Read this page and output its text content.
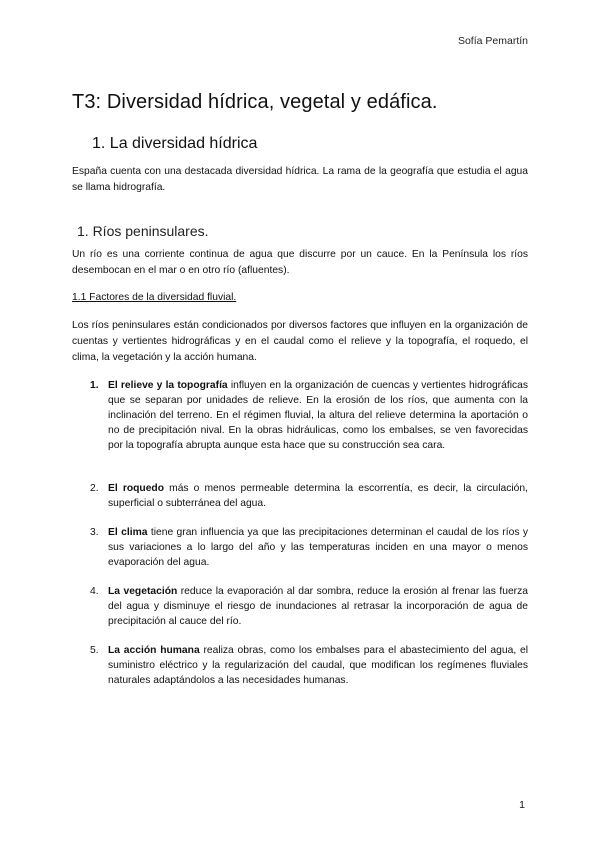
Sofía Pemartín
T3: Diversidad hídrica, vegetal y edáfica.
1. La diversidad hídrica

España cuenta con una destacada diversidad hídrica. La rama de la geografía que estudia el agua se llama hidrografía.

1. Ríos peninsulares.

Un río es una corriente continua de agua que discurre por un cauce. En la Península los ríos desembocan en el mar o en otro río (afluentes).

1.1 Factores de la diversidad fluvial.

Los ríos peninsulares están condicionados por diversos factores que influyen en la organización de cuentas y vertientes hidrográficas y en el caudal como el relieve y la topografía, el roquedo, el clima, la vegetación y la acción humana.

1. El relieve y la topografía influyen en la organización de cuencas y vertientes hidrográficas que se separan por unidades de relieve. En la erosión de los ríos, que aumenta con la inclinación del terreno. En el régimen fluvial, la altura del relieve determina la aportación o no de precipitación nival. En la obras hidráulicas, como los embalses, se ven favorecidas por la topografía abrupta aunque esta hace que su construcción sea cara.

2. El roquedo más o menos permeable determina la escorrentía, es decir, la circulación, superficial o subterránea del agua.

3. El clima tiene gran influencia ya que las precipitaciones determinan el caudal de los ríos y sus variaciones a lo largo del año y las temperaturas inciden en una mayor o menos evaporación del agua.

4. La vegetación reduce la evaporación al dar sombra, reduce la erosión al frenar las fuerza del agua y disminuye el riesgo de inundaciones al retrasar la incorporación de agua de precipitación al cauce del río.

5. La acción humana realiza obras, como los embalses para el abastecimiento del agua, el suministro eléctrico y la regularización del caudal, que modifican los regímenes fluviales naturales adaptándolos a las necesidades humanas.

1
